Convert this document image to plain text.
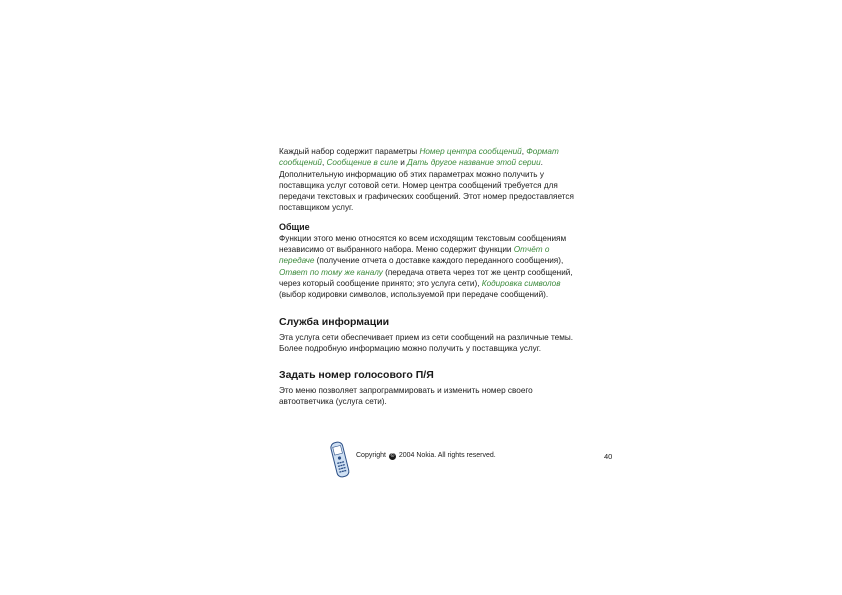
Каждый набор содержит параметры Номер центра сообщений, Формат сообщений, Сообщение в силе и Дать другое название этой серии. Дополнительную информацию об этих параметрах можно получить у поставщика услуг сотовой сети. Номер центра сообщений требуется для передачи текстовых и графических сообщений. Этот номер предоставляется поставщиком услуг.

Общие

Функции этого меню относятся ко всем исходящим текстовым сообщениям независимо от выбранного набора. Меню содержит функции Отчёт о передаче (получение отчета о доставке каждого переданного сообщения), Ответ по тому же каналу (передача ответа через тот же центр сообщений, через который сообщение принято; это услуга сети), Кодировка символов (выбор кодировки символов, используемой при передаче сообщений).

Служба информации

Эта услуга сети обеспечивает прием из сети сообщений на различные темы. Более подробную информацию можно получить у поставщика услуг.

Задать номер голосового П/Я

Это меню позволяет запрограммировать и изменить номер своего автоответчика (услуга сети).

Copyright © 2004 Nokia. All rights reserved.	40
